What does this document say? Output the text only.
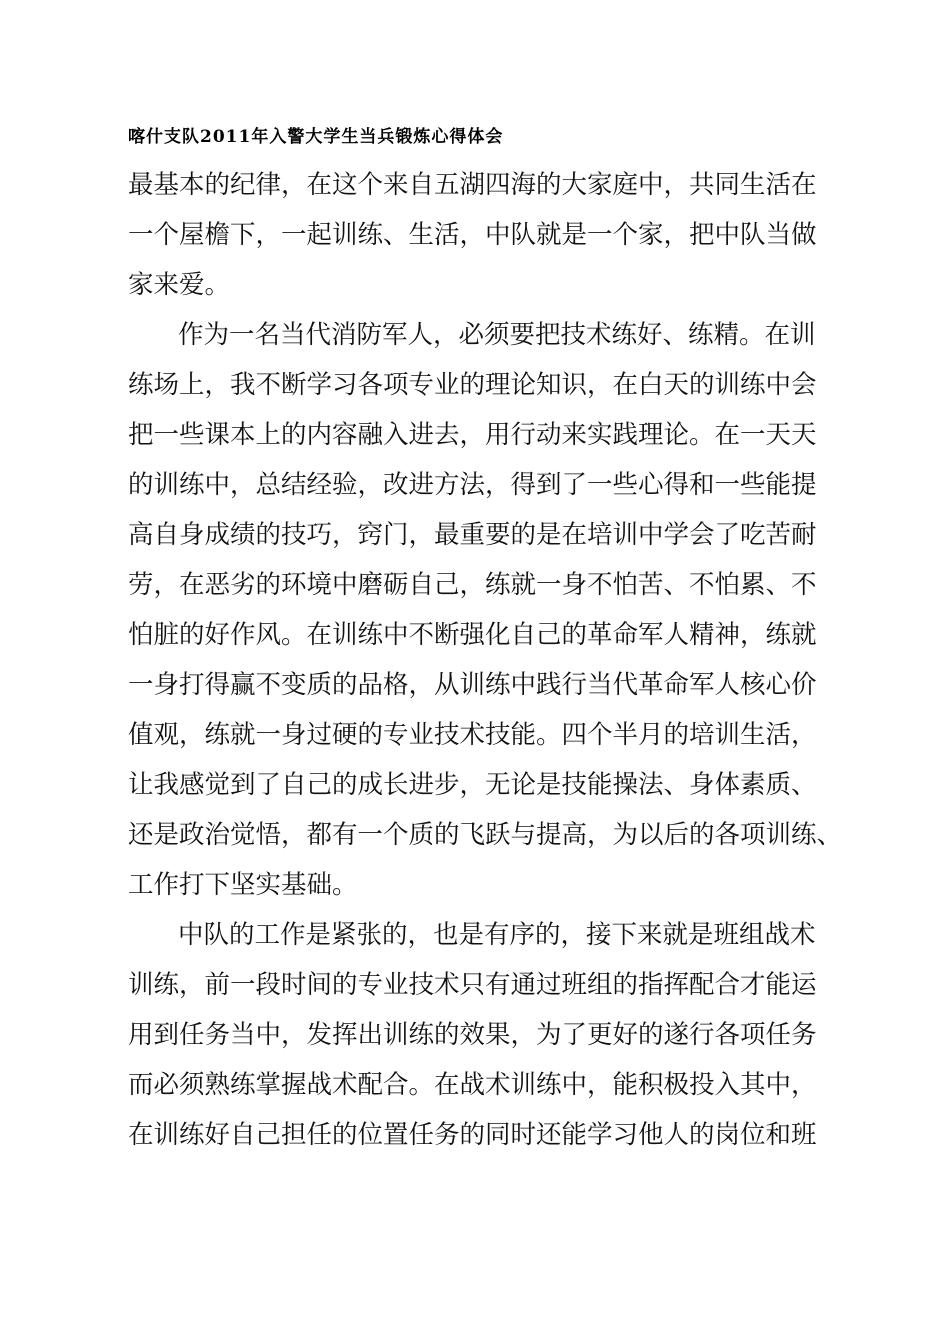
喀什支队2011年入警大学生当兵锻炼心得体会
最基本的纪律，在这个来自五湖四海的大家庭中，共同生活在
一个屋檐下，一起训练、生活，中队就是一个家，把中队当做
家来爱。
作为一名当代消防军人，必须要把技术练好、练精。在训
练场上，我不断学习各项专业的理论知识，在白天的训练中会
把一些课本上的内容融入进去，用行动来实践理论。在一天天
的训练中，总结经验，改进方法，得到了一些心得和一些能提
高自身成绩的技巧，窍门，最重要的是在培训中学会了吃苦耐
劳，在恶劣的环境中磨砺自己，练就一身不怕苦、不怕累、不
怕脏的好作风。在训练中不断强化自己的革命军人精神，练就
一身打得赢不变质的品格，从训练中践行当代革命军人核心价
值观，练就一身过硬的专业技术技能。四个半月的培训生活，
让我感觉到了自己的成长进步，无论是技能操法、身体素质、
还是政治觉悟，都有一个质的飞跃与提高，为以后的各项训练、
工作打下坚实基础。
中队的工作是紧张的，也是有序的，接下来就是班组战术
训练，前一段时间的专业技术只有通过班组的指挥配合才能运
用到任务当中，发挥出训练的效果，为了更好的遂行各项任务
而必须熟练掌握战术配合。在战术训练中，能积极投入其中，
在训练好自己担任的位置任务的同时还能学习他人的岗位和班
